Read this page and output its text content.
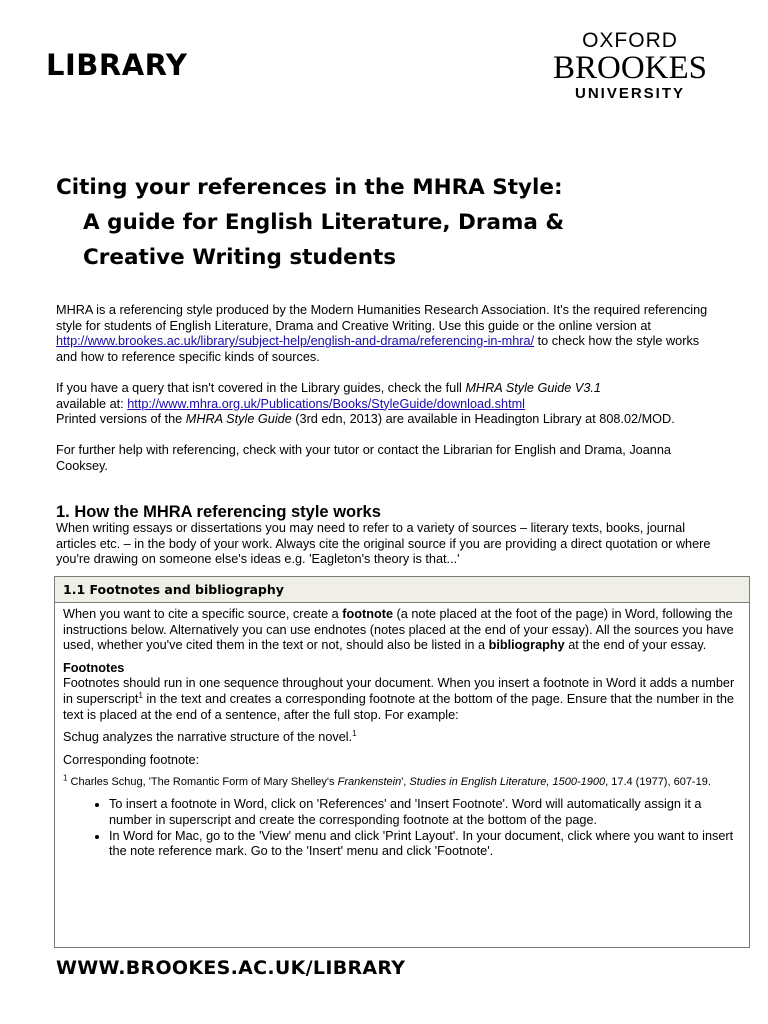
LIBRARY
OXFORD
BROOKES
UNIVERSITY
Citing your references in the MHRA Style:
A guide for English Literature, Drama &
Creative Writing students

MHRA is a referencing style produced by the Modern Humanities Research Association. It's the required referencing style for students of English Literature, Drama and Creative Writing. Use this guide or the online version at http://www.brookes.ac.uk/library/subject-help/english-and-drama/referencing-in-mhra/ to check how the style works and how to reference specific kinds of sources.

If you have a query that isn't covered in the Library guides, check the full MHRA Style Guide V3.1
available at: http://www.mhra.org.uk/Publications/Books/StyleGuide/download.shtml
Printed versions of the MHRA Style Guide (3rd edn, 2013) are available in Headington Library at 808.02/MOD.

For further help with referencing, check with your tutor or contact the Librarian for English and Drama, Joanna Cooksey.

1. How the MHRA referencing style works

When writing essays or dissertations you may need to refer to a variety of sources – literary texts, books, journal articles etc. – in the body of your work. Always cite the original source if you are providing a direct quotation or where you're drawing on someone else's ideas e.g. 'Eagleton's theory is that...'

1.1 Footnotes and bibliography

When you want to cite a specific source, create a footnote (a note placed at the foot of the page) in Word, following the instructions below. Alternatively you can use endnotes (notes placed at the end of your essay). All the sources you have used, whether you've cited them in the text or not, should also be listed in a bibliography at the end of your essay.

Footnotes

Footnotes should run in one sequence throughout your document. When you insert a footnote in Word it adds a number in superscript$^1$ in the text and creates a corresponding footnote at the bottom of the page. Ensure that the number in the text is placed at the end of a sentence, after the full stop. For example:

Schug analyzes the narrative structure of the novel.$^1$

Corresponding footnote:

$^1$ Charles Schug, 'The Romantic Form of Mary Shelley's Frankenstein', Studies in English Literature, 1500-1900, 17.4 (1977), 607-19.

• To insert a footnote in Word, click on 'References' and 'Insert Footnote'. Word will automatically assign it a number in superscript and create the corresponding footnote at the bottom of the page.
• In Word for Mac, go to the 'View' menu and click 'Print Layout'. In your document, click where you want to insert the note reference mark. Go to the 'Insert' menu and click 'Footnote'.
WWW.BROOKES.AC.UK/LIBRARY
